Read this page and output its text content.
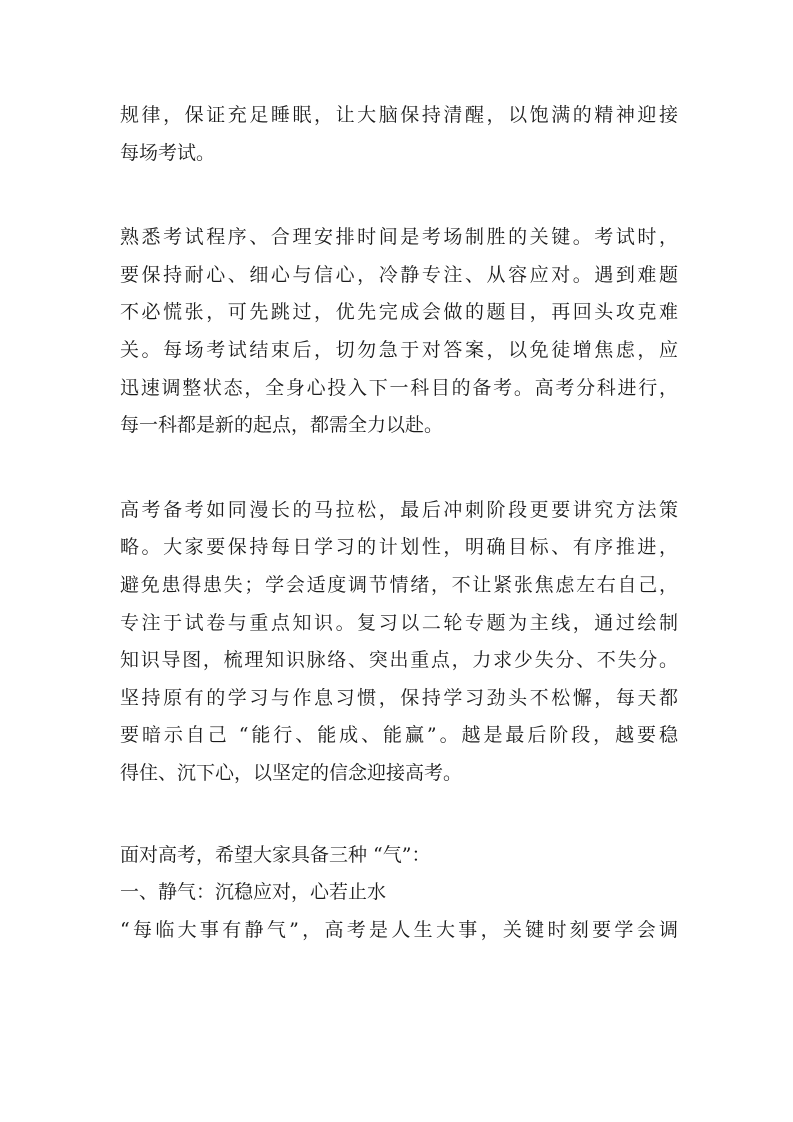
规律，保证充足睡眠，让大脑保持清醒，以饱满的精神迎接
每场考试。
熟悉考试程序、合理安排时间是考场制胜的关键。考试时，
要保持耐心、细心与信心，冷静专注、从容应对。遇到难题
不必慌张，可先跳过，优先完成会做的题目，再回头攻克难
关。每场考试结束后，切勿急于对答案，以免徒增焦虑，应
迅速调整状态，全身心投入下一科目的备考。高考分科进行，
每一科都是新的起点，都需全力以赴。
高考备考如同漫长的马拉松，最后冲刺阶段更要讲究方法策
略。大家要保持每日学习的计划性，明确目标、有序推进，
避免患得患失；学会适度调节情绪，不让紧张焦虑左右自己，
专注于试卷与重点知识。复习以二轮专题为主线，通过绘制
知识导图，梳理知识脉络、突出重点，力求少失分、不失分。
坚持原有的学习与作息习惯，保持学习劲头不松懈，每天都
要暗示自己 “能行、能成、能赢”。越是最后阶段，越要稳
得住、沉下心，以坚定的信念迎接高考。
面对高考，希望大家具备三种 “气”：
一、静气：沉稳应对，心若止水
“每临大事有静气”，高考是人生大事，关键时刻要学会调
